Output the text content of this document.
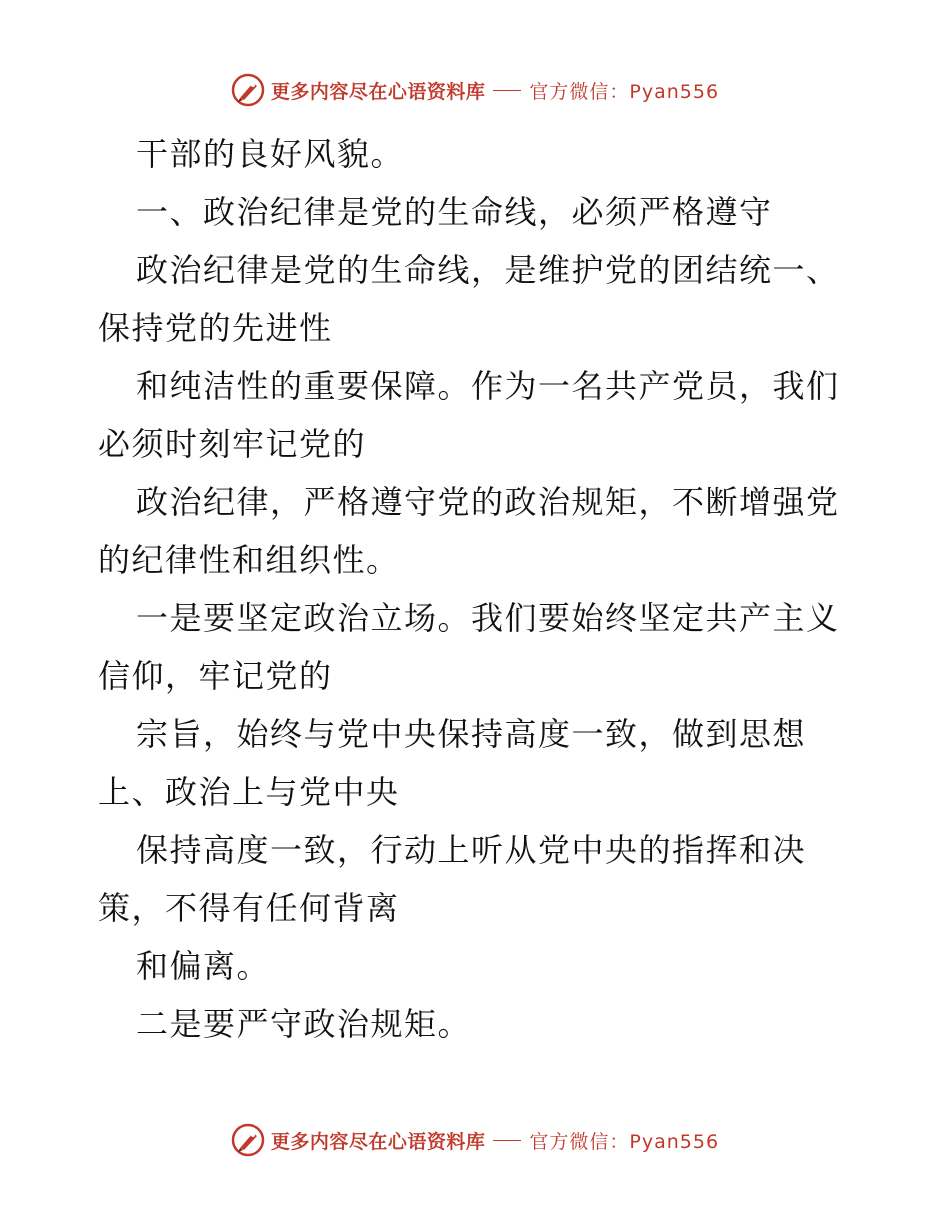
更多内容尽在心语资料库 官方微信：Pyan556

干部的良好风貌。

一、政治纪律是党的生命线，必须严格遵守

政治纪律是党的生命线，是维护党的团结统一、保持党的先进性

和纯洁性的重要保障。作为一名共产党员，我们必须时刻牢记党的

政治纪律，严格遵守党的政治规矩，不断增强党的纪律性和组织性。

一是要坚定政治立场。我们要始终坚定共产主义信仰，牢记党的

宗旨，始终与党中央保持高度一致，做到思想上、政治上与党中央

保持高度一致，行动上听从党中央的指挥和决策，不得有任何背离

和偏离。

二是要严守政治规矩。

更多内容尽在心语资料库 官方微信：Pyan556
